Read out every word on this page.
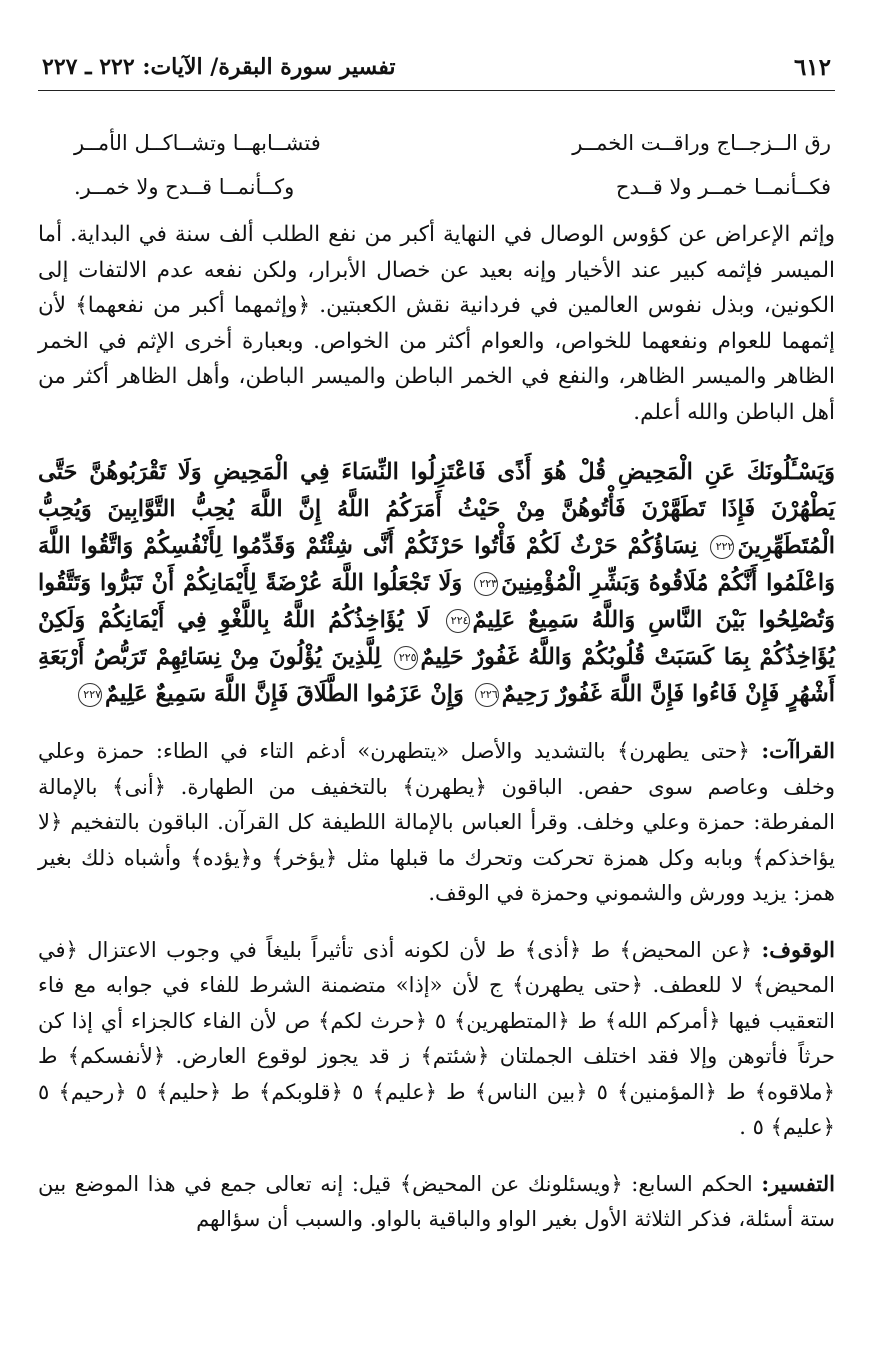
٦١٢
تفسير سورة البقرة/ الآيات: ٢٢٢ ـ ٢٢٧
رق الــزجــاج وراقــت الخمــر
فتشــابهــا وتشــاكــل الأمــر
فكــأنمــا خمــر ولا قــدح
وكــأنمــا قــدح ولا خمــر.

وإثم الإعراض عن كؤوس الوصال في النهاية أكبر من نفع الطلب ألف سنة في البداية. أما الميسر فإثمه كبير عند الأخيار وإنه بعيد عن خصال الأبرار، ولكن نفعه عدم الالتفات إلى الكونين، وبذل نفوس العالمين في فردانية نقش الكعبتين. ﴿وإثمهما أكبر من نفعهما﴾ لأن إثمهما للعوام ونفعهما للخواص، والعوام أكثر من الخواص. وبعبارة أخرى الإثم في الخمر الظاهر والميسر الظاهر، والنفع في الخمر الباطن والميسر الباطن، وأهل الظاهر أكثر من أهل الباطن والله أعلم.

وَيَسْـَٔلُونَكَ عَنِ الْمَحِيضِ قُلْ هُوَ أَذًى فَاعْتَزِلُوا النِّسَاءَ فِي الْمَحِيضِ وَلَا تَقْرَبُوهُنَّ حَتَّى يَطْهُرْنَ فَإِذَا تَطَهَّرْنَ فَأْتُوهُنَّ مِنْ حَيْثُ أَمَرَكُمُ اللَّهُ إِنَّ اللَّهَ يُحِبُّ التَّوَّابِينَ وَيُحِبُّ الْمُتَطَهِّرِينَ٢٢٢ نِسَاؤُكُمْ حَرْثٌ لَكُمْ فَأْتُوا حَرْثَكُمْ أَنَّى شِئْتُمْ وَقَدِّمُوا لِأَنْفُسِكُمْ وَاتَّقُوا اللَّهَ وَاعْلَمُوا أَنَّكُمْ مُلَاقُوهُ وَبَشِّرِ الْمُؤْمِنِينَ٢٢٣ وَلَا تَجْعَلُوا اللَّهَ عُرْضَةً لِأَيْمَانِكُمْ أَنْ تَبَرُّوا وَتَتَّقُوا وَتُصْلِحُوا بَيْنَ النَّاسِ وَاللَّهُ سَمِيعٌ عَلِيمٌ٢٢٤ لَا يُؤَاخِذُكُمُ اللَّهُ بِاللَّغْوِ فِي أَيْمَانِكُمْ وَلَكِنْ يُؤَاخِذُكُمْ بِمَا كَسَبَتْ قُلُوبُكُمْ وَاللَّهُ غَفُورٌ حَلِيمٌ٢٢٥ لِلَّذِينَ يُؤْلُونَ مِنْ نِسَائِهِمْ تَرَبُّصُ أَرْبَعَةِ أَشْهُرٍ فَإِنْ فَاءُوا فَإِنَّ اللَّهَ غَفُورٌ رَحِيمٌ٢٢٦ وَإِنْ عَزَمُوا الطَّلَاقَ فَإِنَّ اللَّهَ سَمِيعٌ عَلِيمٌ٢٢٧

القراآت: ﴿حتى يطهرن﴾ بالتشديد والأصل «يتطهرن» أدغم التاء في الطاء: حمزة وعلي وخلف وعاصم سوى حفص. الباقون ﴿يطهرن﴾ بالتخفيف من الطهارة. ﴿أنى﴾ بالإمالة المفرطة: حمزة وعلي وخلف. وقرأ العباس بالإمالة اللطيفة كل القرآن. الباقون بالتفخيم ﴿لا يؤاخذكم﴾ وبابه وكل همزة تحركت وتحرك ما قبلها مثل ﴿يؤخر﴾ و﴿يؤده﴾ وأشباه ذلك بغير همز: يزيد وورش والشموني وحمزة في الوقف.

الوقوف: ﴿عن المحيض﴾ ط ﴿أذى﴾ ط لأن لكونه أذى تأثيراً بليغاً في وجوب الاعتزال ﴿في المحيض﴾ لا للعطف. ﴿حتى يطهرن﴾ ج لأن «إذا» متضمنة الشرط للفاء في جوابه مع فاء التعقيب فيها ﴿أمركم الله﴾ ط ﴿المتطهرين﴾ ٥ ﴿حرث لكم﴾ ص لأن الفاء كالجزاء أي إذا كن حرثاً فأتوهن وإلا فقد اختلف الجملتان ﴿شئتم﴾ ز قد يجوز لوقوع العارض. ﴿لأنفسكم﴾ ط ﴿ملاقوه﴾ ط ﴿المؤمنين﴾ ٥ ﴿بين الناس﴾ ط ﴿عليم﴾ ٥ ﴿قلوبكم﴾ ط ﴿حليم﴾ ٥ ﴿رحيم﴾ ٥ ﴿عليم﴾ ٥ .

التفسير: الحكم السابع: ﴿ويسئلونك عن المحيض﴾ قيل: إنه تعالى جمع في هذا الموضع بين ستة أسئلة، فذكر الثلاثة الأول بغير الواو والباقية بالواو. والسبب أن سؤالهم
